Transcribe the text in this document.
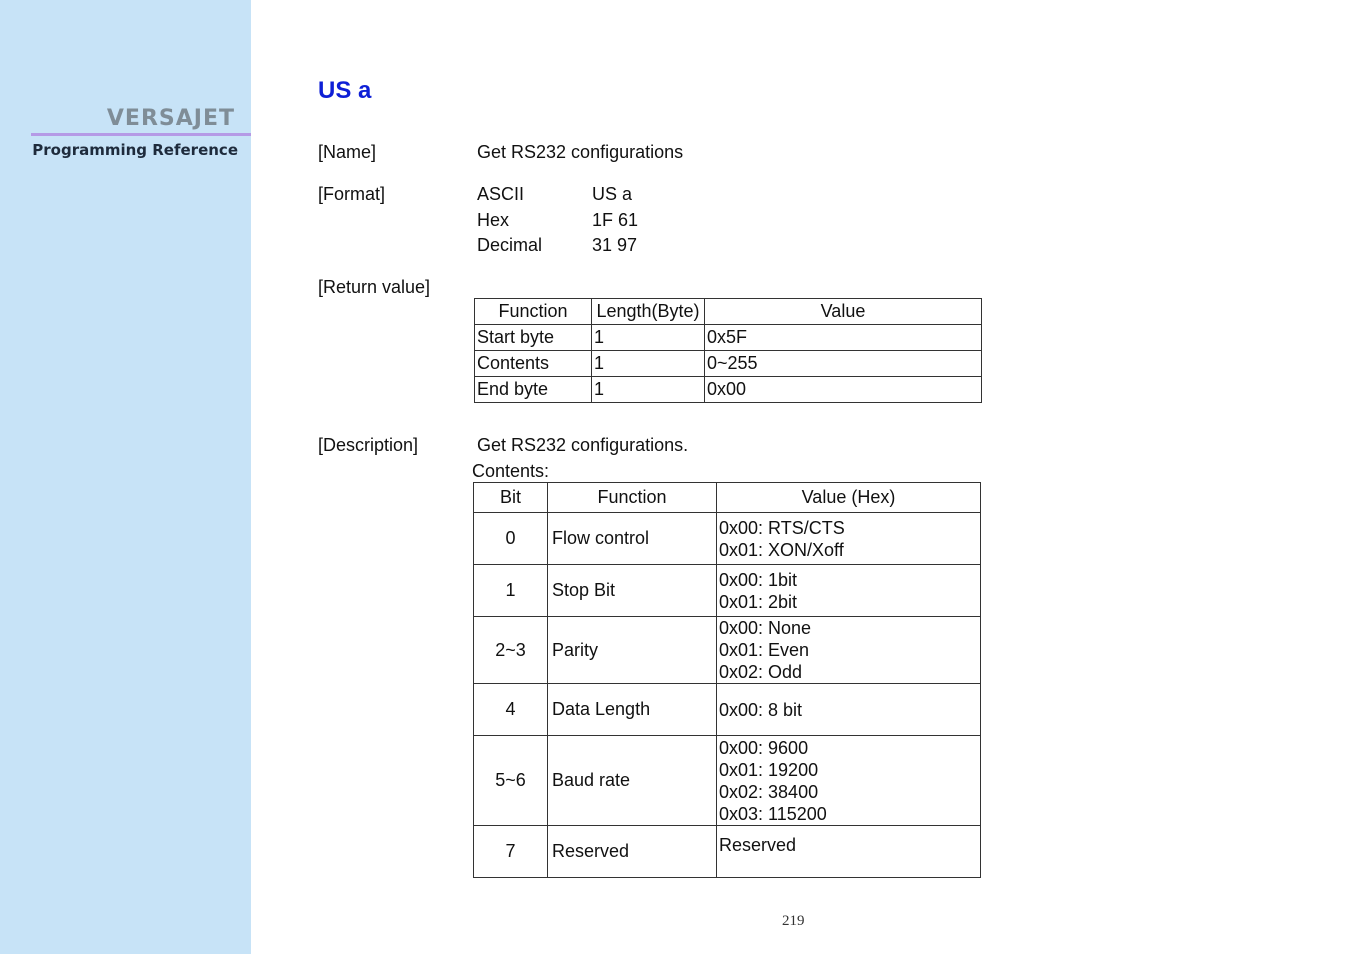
VERSAJET
Programming Reference
US a
[Name]	Get RS232 configurations
[Format]	ASCII	US a
Hex	1F 61
Decimal	31 97
[Return value]
Function	Length(Byte)	Value
Start byte	1	0x5F
Contents	1	0~255
End byte	1	0x00
[Description]	Get RS232 configurations.
Contents:
Bit	Function	Value (Hex)
0	Flow control	0x00: RTS/CTS
0x01: XON/Xoff

1	Stop Bit	0x00: 1bit
0x01: 2bit

2~3	Parity	0x00: None
0x01: Even
0x02: Odd

4	Data Length	0x00: 8 bit

5~6	Baud rate	0x00: 9600
0x01: 19200
0x02: 38400
0x03: 115200

7	Reserved	Reserved
219
